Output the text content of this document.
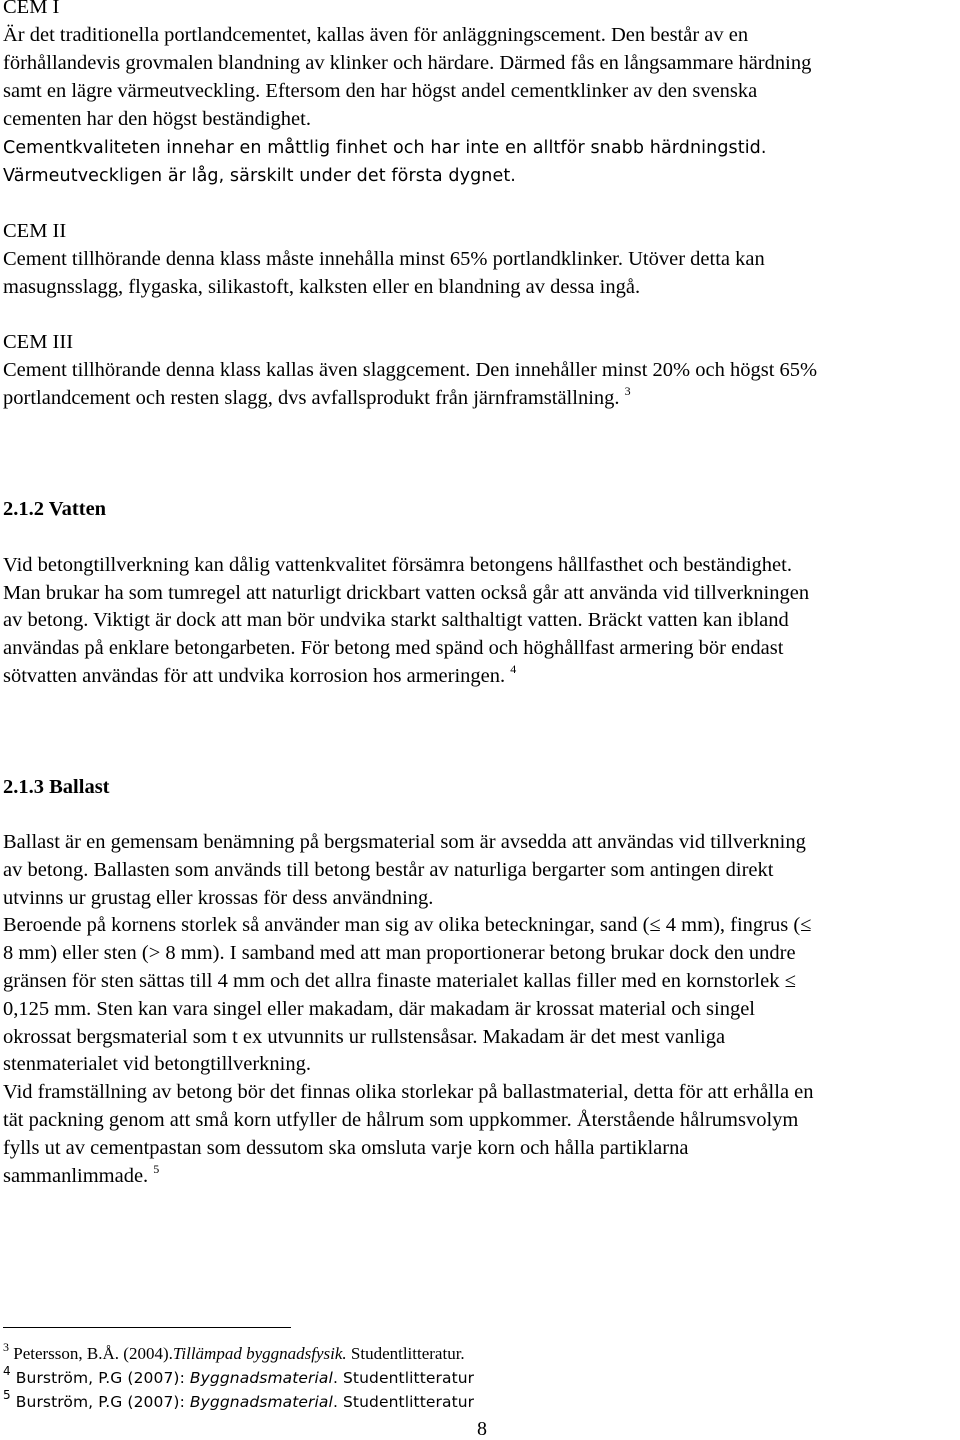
CEM I
Är det traditionella portlandcementet, kallas även för anläggningscement. Den består av en
förhållandevis grovmalen blandning av klinker och härdare. Därmed fås en långsammare härdning
samt en lägre värmeutveckling. Eftersom den har högst andel cementklinker av den svenska
cementen har den högst beständighet.
Cementkvaliteten innehar en måttlig finhet och har inte en alltför snabb härdningstid.
Värmeutveckligen är låg, särskilt under det första dygnet.
CEM II
Cement tillhörande denna klass måste innehålla minst 65% portlandklinker. Utöver detta kan
masugnsslagg, flygaska, silikastoft, kalksten eller en blandning av dessa ingå.
CEM III
Cement tillhörande denna klass kallas även slaggcement. Den innehåller minst 20% och högst 65%
portlandcement och resten slagg, dvs avfallsprodukt från järnframställning. $^3$
2.1.2 Vatten
Vid betongtillverkning kan dålig vattenkvalitet försämra betongens hållfasthet och beständighet.
Man brukar ha som tumregel att naturligt drickbart vatten också går att använda vid tillverkningen
av betong. Viktigt är dock att man bör undvika starkt salthaltigt vatten. Bräckt vatten kan ibland
användas på enklare betongarbeten. För betong med spänd och höghållfast armering bör endast
sötvatten användas för att undvika korrosion hos armeringen. $^4$
2.1.3 Ballast
Ballast är en gemensam benämning på bergsmaterial som är avsedda att användas vid tillverkning
av betong. Ballasten som används till betong består av naturliga bergarter som antingen direkt
utvinns ur grustag eller krossas för dess användning.
Beroende på kornens storlek så använder man sig av olika beteckningar, sand (≤ 4 mm), fingrus (≤
8 mm) eller sten (> 8 mm). I samband med att man proportionerar betong brukar dock den undre
gränsen för sten sättas till 4 mm och det allra finaste materialet kallas filler med en kornstorlek ≤
0,125 mm. Sten kan vara singel eller makadam, där makadam är krossat material och singel
okrossat bergsmaterial som t ex utvunnits ur rullstensåsar. Makadam är det mest vanliga
stenmaterialet vid betongtillverkning.
Vid framställning av betong bör det finnas olika storlekar på ballastmaterial, detta för att erhålla en
tät packning genom att små korn utfyller de hålrum som uppkommer. Återstående hålrumsvolym
fylls ut av cementpastan som dessutom ska omsluta varje korn och hålla partiklarna
sammanlimmade. $^5$
$^3$ Petersson, B.Å. (2004).Tillämpad byggnadsfysik. Studentlitteratur.
$^4$ Burström, P.G (2007): Byggnadsmaterial. Studentlitteratur
$^5$ Burström, P.G (2007): Byggnadsmaterial. Studentlitteratur
8
